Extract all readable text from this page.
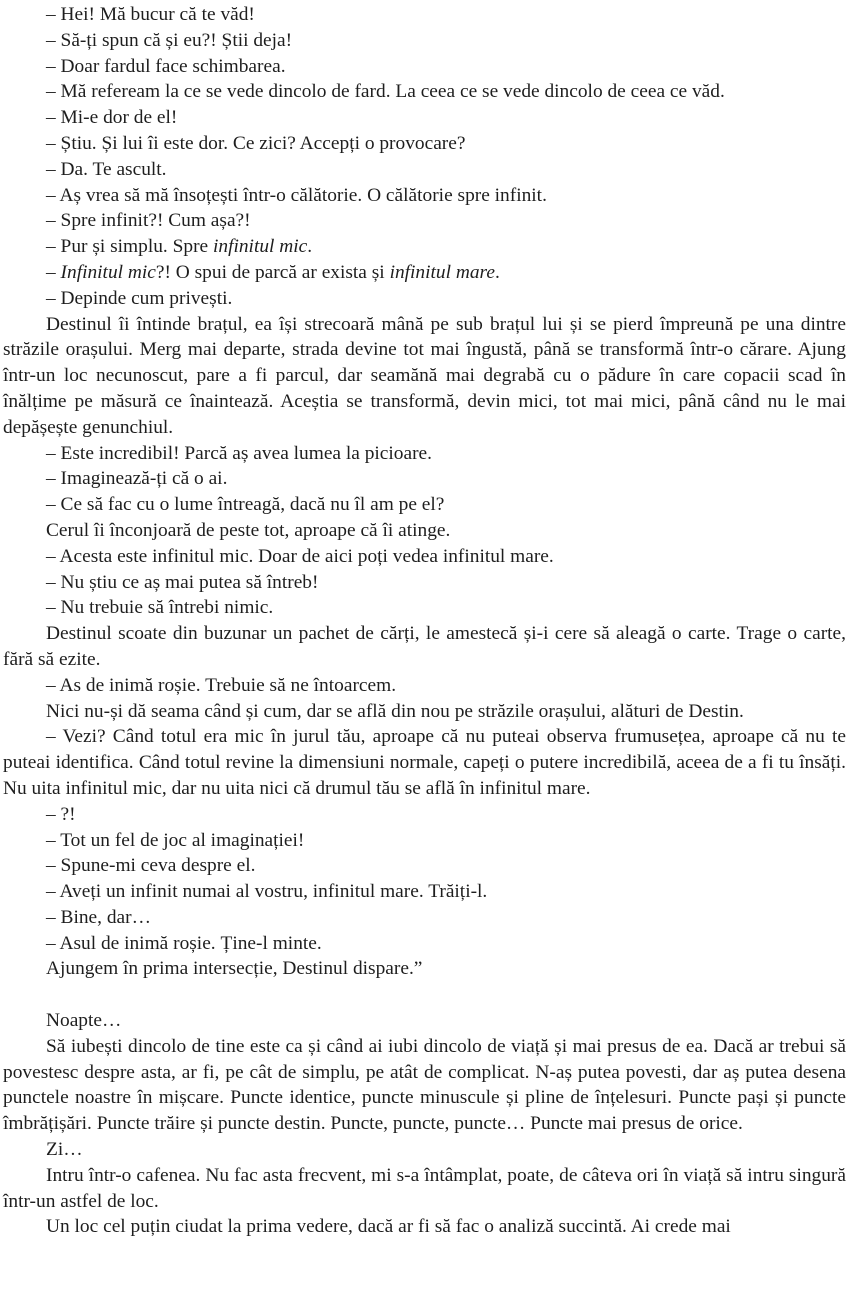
– Hei! Mă bucur că te văd!

– Să-ți spun că și eu?! Știi deja!

– Doar fardul face schimbarea.

– Mă refeream la ce se vede dincolo de fard. La ceea ce se vede dincolo de ceea ce văd.

– Mi-e dor de el!

– Știu. Și lui îi este dor. Ce zici? Accepți o provocare?

– Da. Te ascult.

– Aș vrea să mă însoțești într-o călătorie. O călătorie spre infinit.

– Spre infinit?! Cum așa?!

– Pur și simplu. Spre infinitul mic.

– Infinitul mic?! O spui de parcă ar exista și infinitul mare.

– Depinde cum privești.

Destinul îi întinde brațul, ea își strecoară mână pe sub brațul lui și se pierd împreună pe una dintre străzile orașului. Merg mai departe, strada devine tot mai îngustă, până se transformă într-o cărare. Ajung într-un loc necunoscut, pare a fi parcul, dar seamănă mai degrabă cu o pădure în care copacii scad în înălțime pe măsură ce înaintează. Aceștia se transformă, devin mici, tot mai mici, până când nu le mai depășește genunchiul.

– Este incredibil! Parcă aș avea lumea la picioare.

– Imaginează-ți că o ai.

– Ce să fac cu o lume întreagă, dacă nu îl am pe el?

Cerul îi înconjoară de peste tot, aproape că îi atinge.

– Acesta este infinitul mic. Doar de aici poți vedea infinitul mare.

– Nu știu ce aș mai putea să întreb!

– Nu trebuie să întrebi nimic.

Destinul scoate din buzunar un pachet de cărți, le amestecă și-i cere să aleagă o carte. Trage o carte, fără să ezite.

– As de inimă roșie. Trebuie să ne întoarcem.

Nici nu-și dă seama când și cum, dar se află din nou pe străzile orașului, alături de Destin.

– Vezi? Când totul era mic în jurul tău, aproape că nu puteai observa frumusețea, aproape că nu te puteai identifica. Când totul revine la dimensiuni normale, capeți o putere incredibilă, aceea de a fi tu însăți. Nu uita infinitul mic, dar nu uita nici că drumul tău se află în infinitul mare.

– ?!

– Tot un fel de joc al imaginației!

– Spune-mi ceva despre el.

– Aveți un infinit numai al vostru, infinitul mare. Trăiți-l.

– Bine, dar…

– Asul de inimă roșie. Ține-l minte.

Ajungem în prima intersecție, Destinul dispare.”

Noapte…

Să iubești dincolo de tine este ca și când ai iubi dincolo de viață și mai presus de ea. Dacă ar trebui să povestesc despre asta, ar fi, pe cât de simplu, pe atât de complicat. N-aș putea povesti, dar aș putea desena punctele noastre în mișcare. Puncte identice, puncte minuscule și pline de înțelesuri. Puncte pași și puncte îmbrățișări. Puncte trăire și puncte destin. Puncte, puncte, puncte… Puncte mai presus de orice.

Zi…

Intru într-o cafenea. Nu fac asta frecvent, mi s-a întâmplat, poate, de câteva ori în viață să intru singură într-un astfel de loc.

Un loc cel puțin ciudat la prima vedere, dacă ar fi să fac o analiză succintă. Ai crede mai
